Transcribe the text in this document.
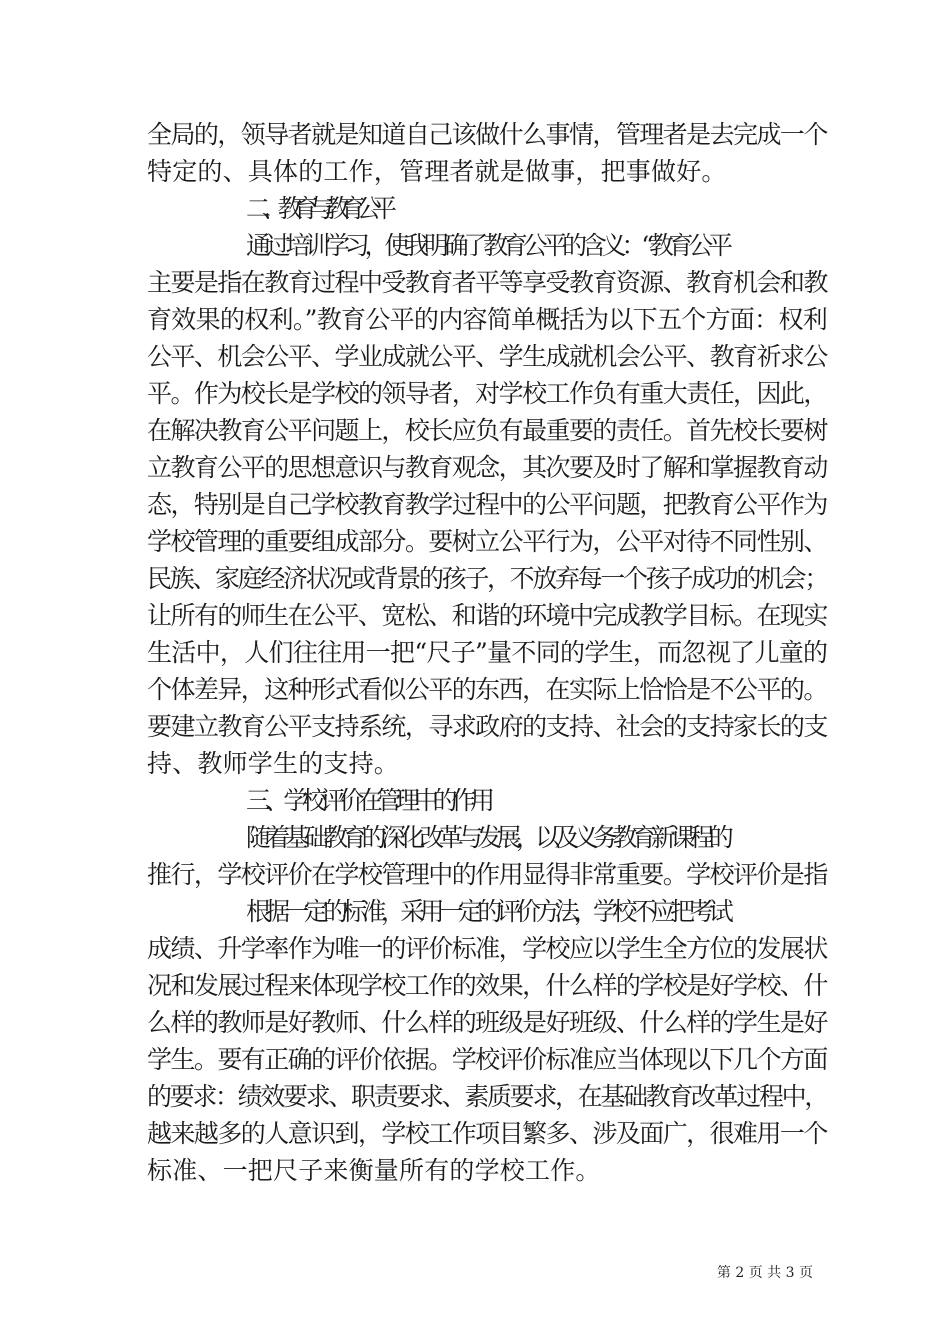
全局的，领导者就是知道自己该做什么事情，管理者是去完成一个
特定的、具体的工作，管理者就是做事，把事做好。
二、教育与教育公平
通过培训学习，使我明确了教育公平的含义：“教育公平
主要是指在教育过程中受教育者平等享受教育资源、教育机会和教
育效果的权利。”教育公平的内容简单概括为以下五个方面：权利
公平、机会公平、学业成就公平、学生成就机会公平、教育祈求公
平。作为校长是学校的领导者，对学校工作负有重大责任，因此，
在解决教育公平问题上，校长应负有最重要的责任。首先校长要树
立教育公平的思想意识与教育观念，其次要及时了解和掌握教育动
态，特别是自己学校教育教学过程中的公平问题，把教育公平作为
学校管理的重要组成部分。要树立公平行为，公平对待不同性别、
民族、家庭经济状况或背景的孩子，不放弃每一个孩子成功的机会；
让所有的师生在公平、宽松、和谐的环境中完成教学目标。在现实
生活中，人们往往用一把“尺子”量不同的学生，而忽视了儿童的
个体差异，这种形式看似公平的东西，在实际上恰恰是不公平的。
要建立教育公平支持系统，寻求政府的支持、社会的支持家长的支
持、教师学生的支持。
三、学校评价在管理中的作用
随着基础教育的深化改革与发展，以及义务教育新课程的
推行，学校评价在学校管理中的作用显得非常重要。学校评价是指
根据一定的标准，采用一定的评价方法，学校不应把考试
成绩、升学率作为唯一的评价标准，学校应以学生全方位的发展状
况和发展过程来体现学校工作的效果，什么样的学校是好学校、什
么样的教师是好教师、什么样的班级是好班级、什么样的学生是好
学生。要有正确的评价依据。学校评价标准应当体现以下几个方面
的要求：绩效要求、职责要求、素质要求，在基础教育改革过程中，
越来越多的人意识到，学校工作项目繁多、涉及面广，很难用一个
标准、一把尺子来衡量所有的学校工作。
第 2 页 共 3 页
